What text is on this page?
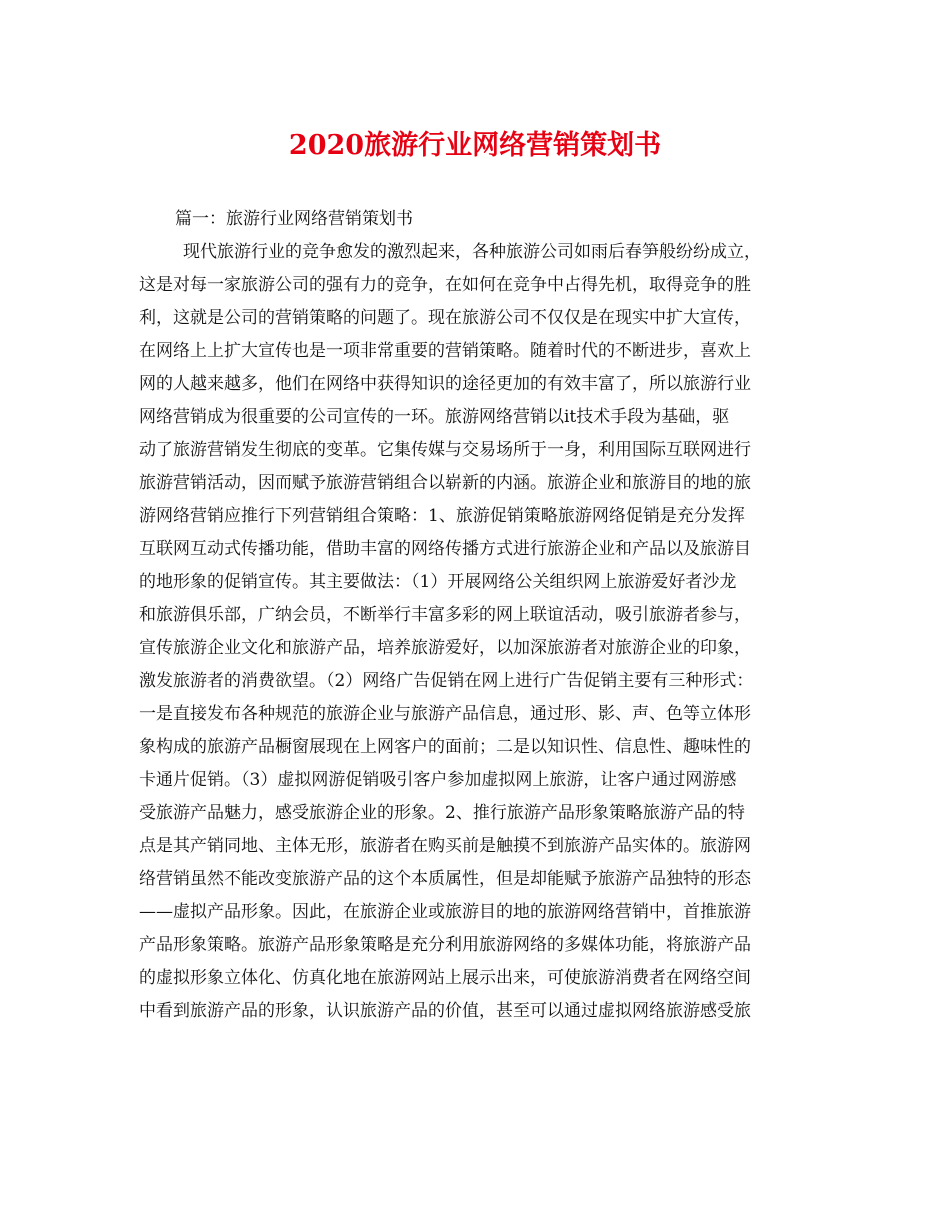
2020旅游行业网络营销策划书
篇一：旅游行业网络营销策划书
现代旅游行业的竞争愈发的激烈起来，各种旅游公司如雨后春笋般纷纷成立，
这是对每一家旅游公司的强有力的竞争，在如何在竞争中占得先机，取得竞争的胜
利，这就是公司的营销策略的问题了。现在旅游公司不仅仅是在现实中扩大宣传，
在网络上上扩大宣传也是一项非常重要的营销策略。随着时代的不断进步，喜欢上
网的人越来越多，他们在网络中获得知识的途径更加的有效丰富了，所以旅游行业
网络营销成为很重要的公司宣传的一环。旅游网络营销以it技术手段为基础，驱
动了旅游营销发生彻底的变革。它集传媒与交易场所于一身，利用国际互联网进行
旅游营销活动，因而赋予旅游营销组合以崭新的内涵。旅游企业和旅游目的地的旅
游网络营销应推行下列营销组合策略：1、旅游促销策略旅游网络促销是充分发挥
互联网互动式传播功能，借助丰富的网络传播方式进行旅游企业和产品以及旅游目
的地形象的促销宣传。其主要做法：（1）开展网络公关组织网上旅游爱好者沙龙
和旅游俱乐部，广纳会员，不断举行丰富多彩的网上联谊活动，吸引旅游者参与，
宣传旅游企业文化和旅游产品，培养旅游爱好，以加深旅游者对旅游企业的印象，
激发旅游者的消费欲望。（2）网络广告促销在网上进行广告促销主要有三种形式：
一是直接发布各种规范的旅游企业与旅游产品信息，通过形、影、声、色等立体形
象构成的旅游产品橱窗展现在上网客户的面前；二是以知识性、信息性、趣味性的
卡通片促销。（3）虚拟网游促销吸引客户参加虚拟网上旅游，让客户通过网游感
受旅游产品魅力，感受旅游企业的形象。2、推行旅游产品形象策略旅游产品的特
点是其产销同地、主体无形，旅游者在购买前是触摸不到旅游产品实体的。旅游网
络营销虽然不能改变旅游产品的这个本质属性，但是却能赋予旅游产品独特的形态
——虚拟产品形象。因此，在旅游企业或旅游目的地的旅游网络营销中，首推旅游
产品形象策略。旅游产品形象策略是充分利用旅游网络的多媒体功能，将旅游产品
的虚拟形象立体化、仿真化地在旅游网站上展示出来，可使旅游消费者在网络空间
中看到旅游产品的形象，认识旅游产品的价值，甚至可以通过虚拟网络旅游感受旅
